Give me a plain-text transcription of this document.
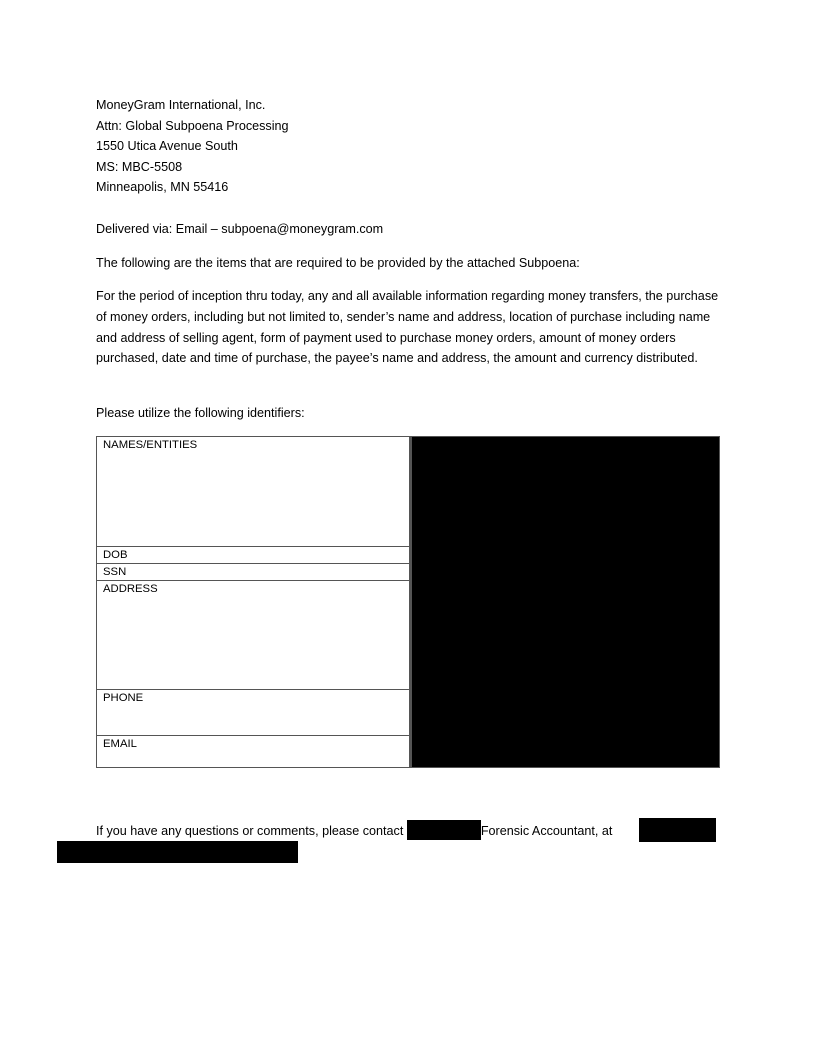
MoneyGram International, Inc.
Attn: Global Subpoena Processing
1550 Utica Avenue South
MS: MBC-5508
Minneapolis, MN 55416
Delivered via: Email – subpoena@moneygram.com
The following are the items that are required to be provided by the attached Subpoena:
For the period of inception thru today, any and all available information regarding money transfers, the purchase of money orders, including but not limited to, sender’s name and address, location of purchase including name and address of selling agent, form of payment used to purchase money orders, amount of money orders purchased, date and time of purchase, the payee’s name and address, the amount and currency distributed.
Please utilize the following identifiers:
NAMES/ENTITIES	
DOB
SSN
ADDRESS
PHONE
EMAIL
If you have any questions or comments, please contact	Forensic Accountant, at
